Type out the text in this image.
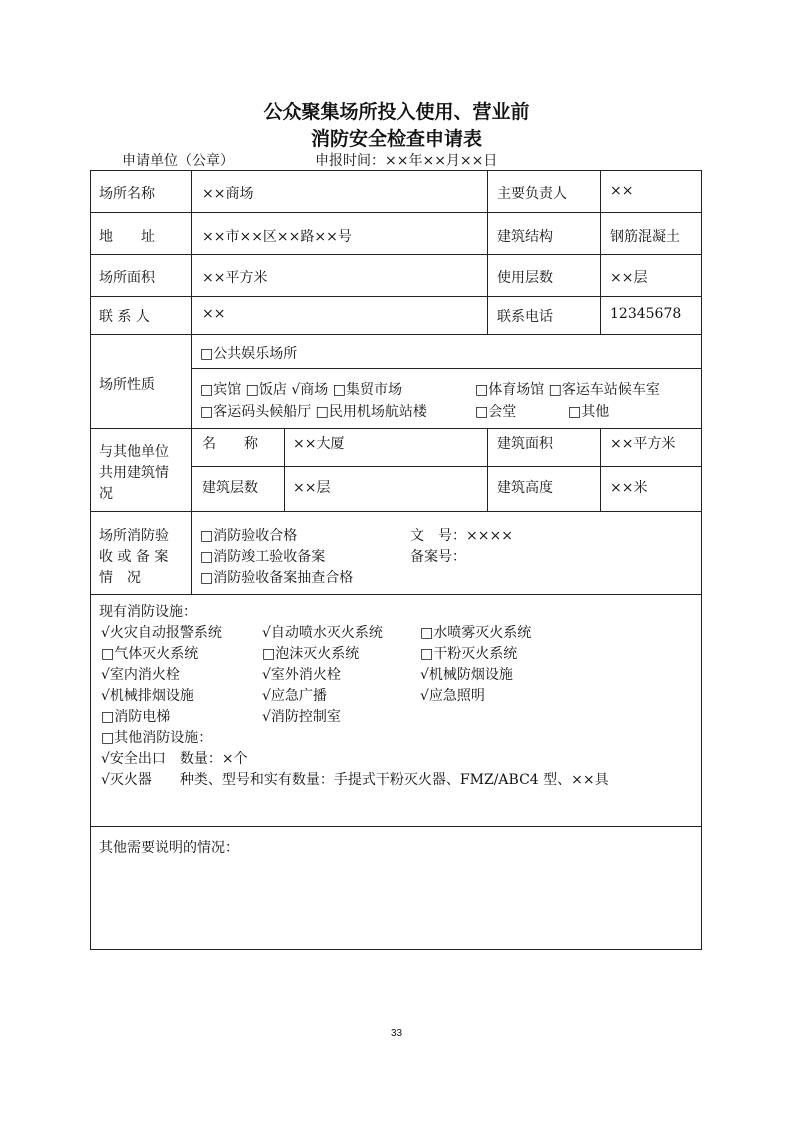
公众聚集场所投入使用、营业前
消防安全检查申请表
申请单位（公章）	申报时间：××年××月××日
场所名称	××商场	主要负责人	××
地　　址	××市××区××路××号	建筑结构	钢筋混凝土
场所面积	××平方米	使用层数	××层
联 系 人	××	联系电话	12345678
场所性质
□公共娱乐场所
□宾馆 □饭店 √商场 □集贸市场	□体育场馆 □客运车站候车室
□客运码头候船厅 □民用机场航站楼	□会堂	□其他
与其他单位
共用建筑情
况
名　　称	××大厦	建筑面积	××平方米
建筑层数	××层	建筑高度	××米
场所消防验
收 或 备 案
情　况
□消防验收合格	文　号：××××
□消防竣工验收备案	备案号：
□消防验收备案抽查合格
现有消防设施：
√火灾自动报警系统	√自动喷水灭火系统	□水喷雾灭火系统
□气体灭火系统	□泡沫灭火系统	□干粉灭火系统
√室内消火栓	√室外消火栓	√机械防烟设施
√机械排烟设施	√应急广播	√应急照明
□消防电梯	√消防控制室
□其他消防设施：
√安全出口　数量：×个
√灭火器　　种类、型号和实有数量：手提式干粉灭火器、FMZ/ABC4 型、××具
其他需要说明的情况：
33
